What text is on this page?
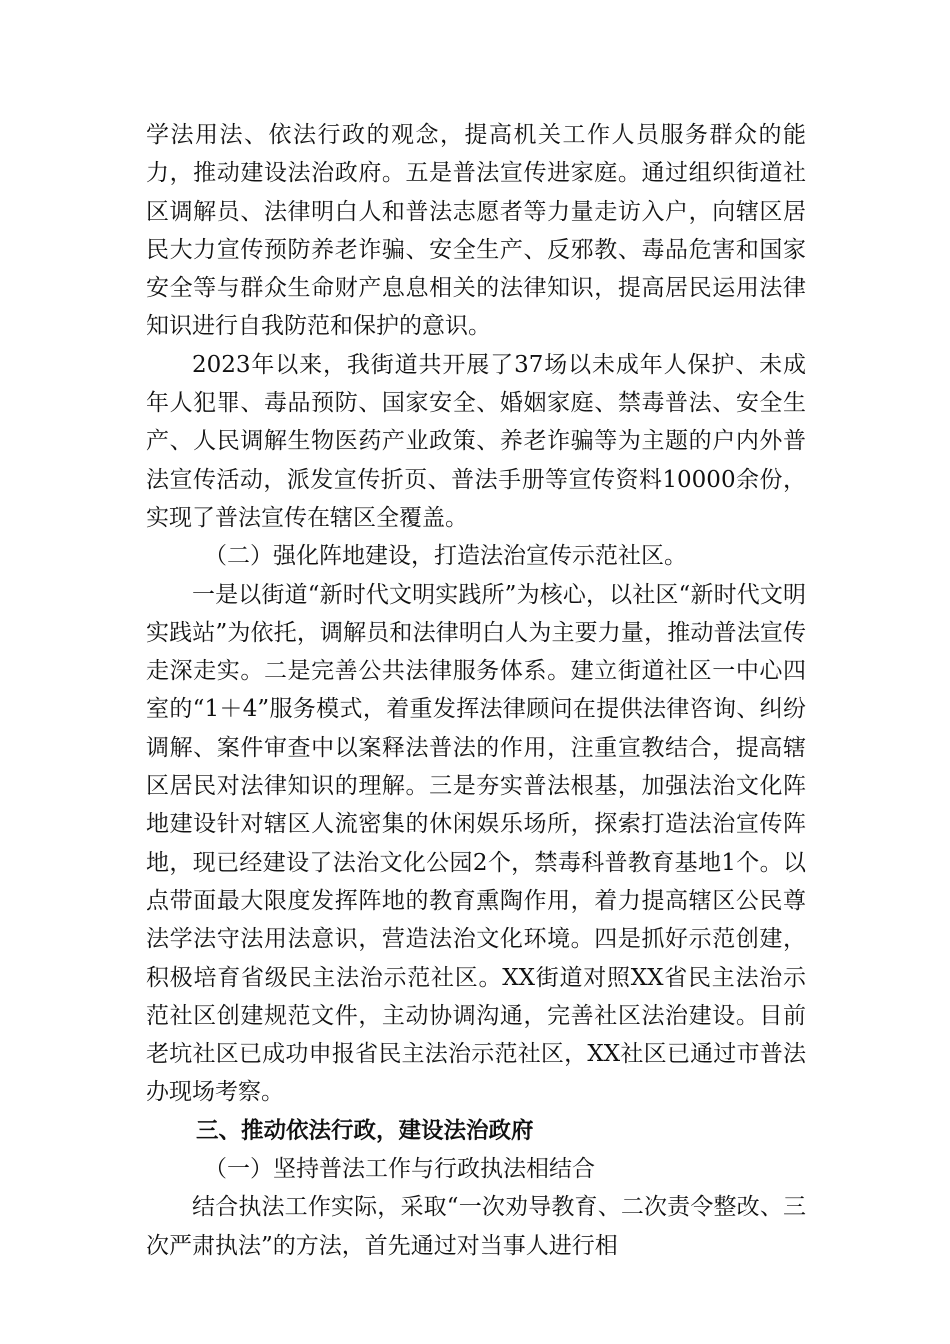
学法用法、依法行政的观念，提高机关工作人员服务群众的能力，推动建设法治政府。五是普法宣传进家庭。通过组织街道社区调解员、法律明白人和普法志愿者等力量走访入户，向辖区居民大力宣传预防养老诈骗、安全生产、反邪教、毒品危害和国家安全等与群众生命财产息息相关的法律知识，提高居民运用法律知识进行自我防范和保护的意识。

2023年以来，我街道共开展了37场以未成年人保护、未成年人犯罪、毒品预防、国家安全、婚姻家庭、禁毒普法、安全生产、人民调解生物医药产业政策、养老诈骗等为主题的户内外普法宣传活动，派发宣传折页、普法手册等宣传资料10000余份，实现了普法宣传在辖区全覆盖。

（二）强化阵地建设，打造法治宣传示范社区。

一是以街道“新时代文明实践所”为核心，以社区“新时代文明实践站”为依托，调解员和法律明白人为主要力量，推动普法宣传走深走实。二是完善公共法律服务体系。建立街道社区一中心四室的“1＋4”服务模式，着重发挥法律顾问在提供法律咨询、纠纷调解、案件审查中以案释法普法的作用，注重宣教结合，提高辖区居民对法律知识的理解。三是夯实普法根基，加强法治文化阵地建设针对辖区人流密集的休闲娱乐场所，探索打造法治宣传阵地，现已经建设了法治文化公园2个，禁毒科普教育基地1个。以点带面最大限度发挥阵地的教育熏陶作用，着力提高辖区公民尊法学法守法用法意识，营造法治文化环境。四是抓好示范创建，积极培育省级民主法治示范社区。XX街道对照XX省民主法治示范社区创建规范文件，主动协调沟通，完善社区法治建设。目前老坑社区已成功申报省民主法治示范社区，XX社区已通过市普法办现场考察。

三、推动依法行政，建设法治政府

（一）坚持普法工作与行政执法相结合

结合执法工作实际，采取“一次劝导教育、二次责令整改、三次严肃执法”的方法，首先通过对当事人进行相
